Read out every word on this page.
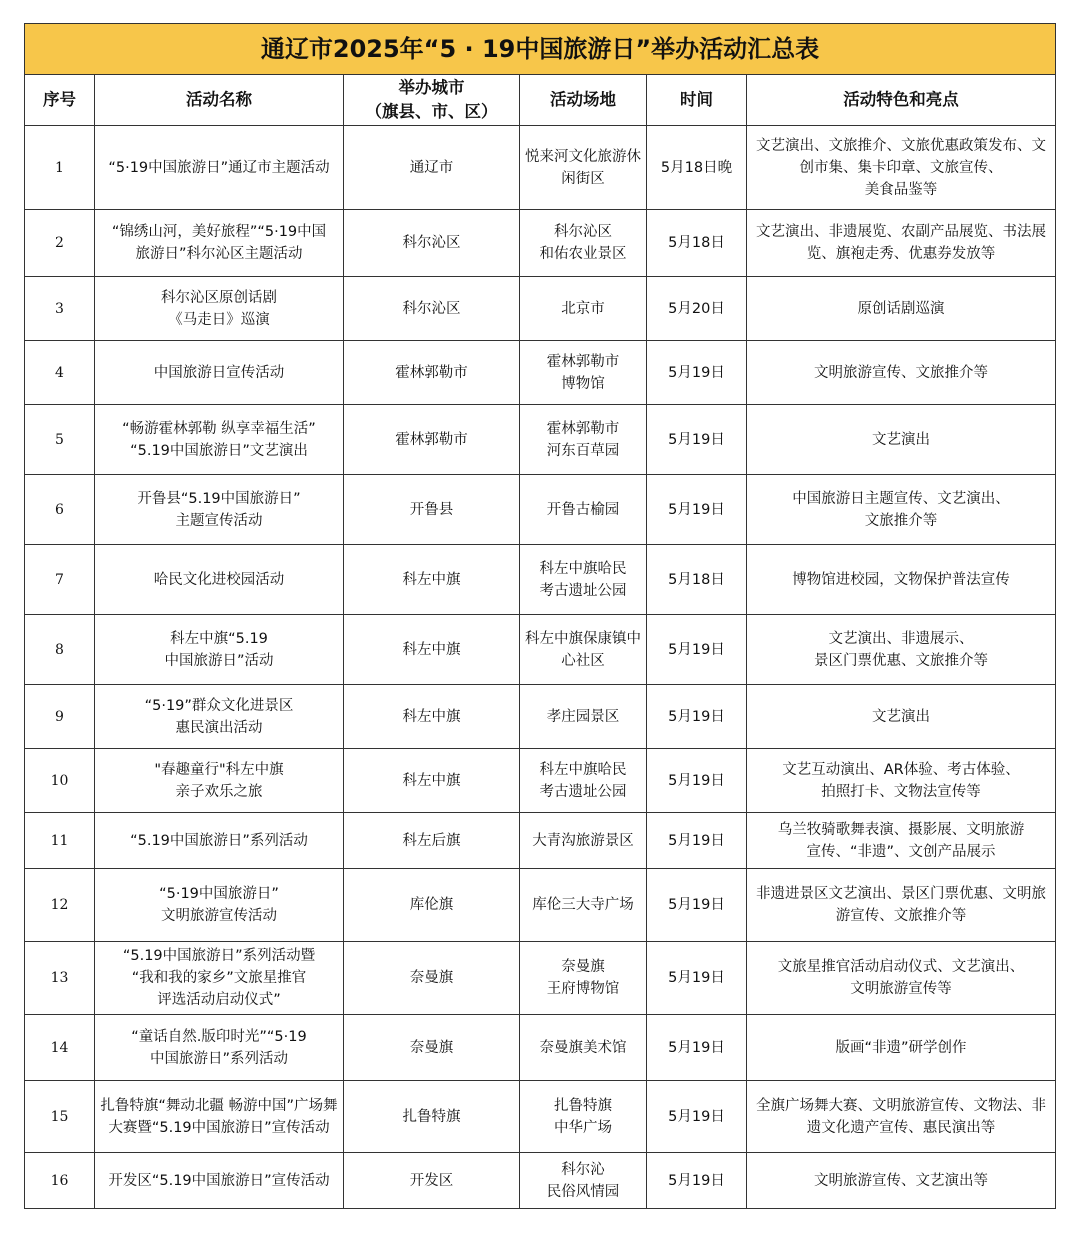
通辽市2025年“5 · 19中国旅游日”举办活动汇总表					
序号	活动名称	举办城市
（旗县、市、区）	活动场地	时间	活动特色和亮点
1	“5·19中国旅游日”通辽市主题活动	通辽市	悦来河文化旅游休闲街区	5月18日晚	文艺演出、文旅推介、文旅优惠政策发布、文创市集、集卡印章、文旅宣传、
美食品鉴等
2	“锦绣山河，美好旅程”“5·19中国
旅游日”科尔沁区主题活动	科尔沁区	科尔沁区
和佑农业景区	5月18日	文艺演出、非遗展览、农副产品展览、书法展览、旗袍走秀、优惠券发放等
3	科尔沁区原创话剧
《马走日》巡演	科尔沁区	北京市	5月20日	原创话剧巡演
4	中国旅游日宣传活动	霍林郭勒市	霍林郭勒市
博物馆	5月19日	文明旅游宣传、文旅推介等
5	“畅游霍林郭勒 纵享幸福生活”
“5.19中国旅游日”文艺演出	霍林郭勒市	霍林郭勒市
河东百草园	5月19日	文艺演出
6	开鲁县“5.19中国旅游日”
主题宣传活动	开鲁县	开鲁古榆园	5月19日	中国旅游日主题宣传、文艺演出、
文旅推介等
7	哈民文化进校园活动	科左中旗	科左中旗哈民
考古遗址公园	5月18日	博物馆进校园，文物保护普法宣传
8	科左中旗“5.19
中国旅游日”活动	科左中旗	科左中旗保康镇中心社区	5月19日	文艺演出、非遗展示、
景区门票优惠、文旅推介等
9	“5·19”群众文化进景区
惠民演出活动	科左中旗	孝庄园景区	5月19日	文艺演出
10	"春趣童行"科左中旗
亲子欢乐之旅	科左中旗	科左中旗哈民
考古遗址公园	5月19日	文艺互动演出、AR体验、考古体验、
拍照打卡、文物法宣传等
11	“5.19中国旅游日”系列活动	科左后旗	大青沟旅游景区	5月19日	乌兰牧骑歌舞表演、摄影展、文明旅游
宣传、“非遗”、文创产品展示
12	“5·19中国旅游日”
文明旅游宣传活动	库伦旗	库伦三大寺广场	5月19日	非遗进景区文艺演出、景区门票优惠、文明旅游宣传、文旅推介等
13	“5.19中国旅游日”系列活动暨
“我和我的家乡”文旅星推官
评选活动启动仪式”	奈曼旗	奈曼旗
王府博物馆	5月19日	文旅星推官活动启动仪式、文艺演出、
文明旅游宣传等
14	“童话自然.版印时光”“5·19
中国旅游日”系列活动	奈曼旗	奈曼旗美术馆	5月19日	版画“非遗”研学创作
15	扎鲁特旗“舞动北疆 畅游中国”广场舞大赛暨“5.19中国旅游日”宣传活动	扎鲁特旗	扎鲁特旗
中华广场	5月19日	全旗广场舞大赛、文明旅游宣传、文物法、非遗文化遗产宣传、惠民演出等
16	开发区“5.19中国旅游日”宣传活动	开发区	科尔沁
民俗风情园	5月19日	文明旅游宣传、文艺演出等
